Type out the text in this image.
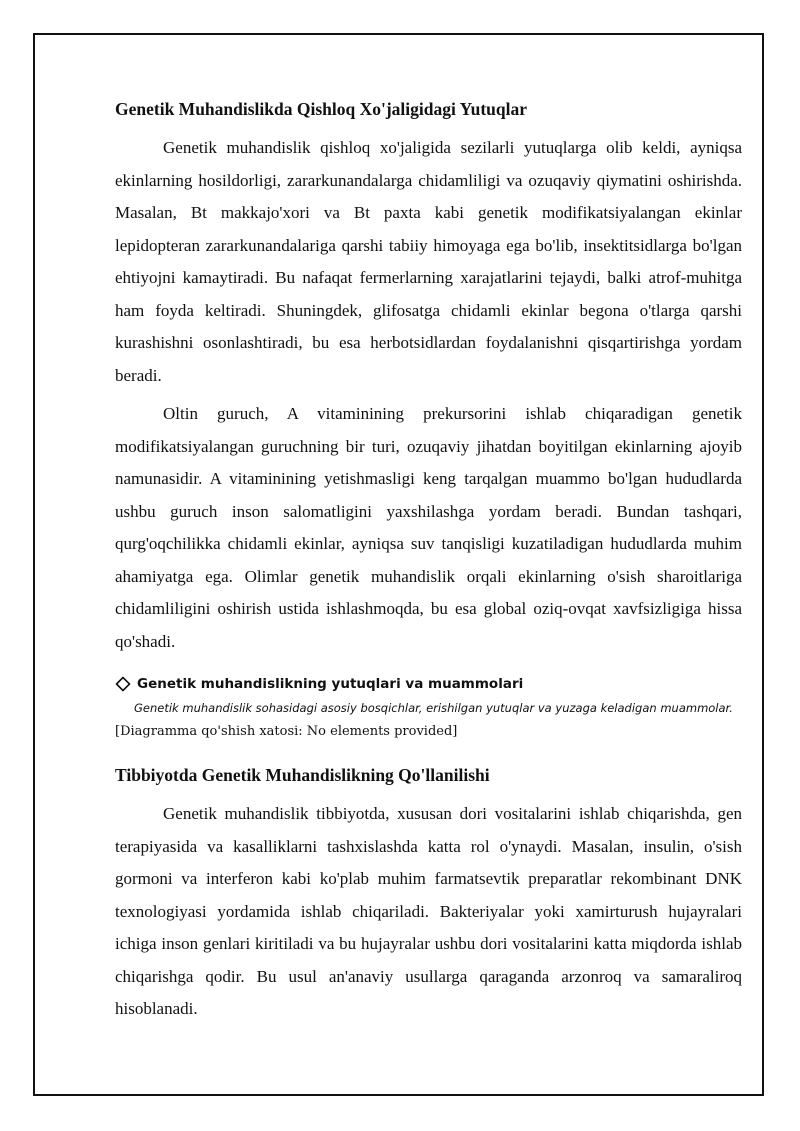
Genetik Muhandislikda Qishloq Xo'jaligidagi Yutuqlar

Genetik muhandislik qishloq xo'jaligida sezilarli yutuqlarga olib keldi, ayniqsa ekinlarning hosildorligi, zararkunandalarga chidamliligi va ozuqaviy qiymatini oshirishda. Masalan, Bt makkajo'xori va Bt paxta kabi genetik modifikatsiyalangan ekinlar lepidopteran zararkunandalariga qarshi tabiiy himoyaga ega bo'lib, insektitsidlarga bo'lgan ehtiyojni kamaytiradi. Bu nafaqat fermerlarning xarajatlarini tejaydi, balki atrof-muhitga ham foyda keltiradi. Shuningdek, glifosatga chidamli ekinlar begona o'tlarga qarshi kurashishni osonlashtiradi, bu esa herbotsidlardan foydalanishni qisqartirishga yordam beradi.

Oltin guruch, A vitaminining prekursorini ishlab chiqaradigan genetik modifikatsiyalangan guruchning bir turi, ozuqaviy jihatdan boyitilgan ekinlarning ajoyib namunasidir. A vitaminining yetishmasligi keng tarqalgan muammo bo'lgan hududlarda ushbu guruch inson salomatligini yaxshilashga yordam beradi. Bundan tashqari, qurg'oqchilikka chidamli ekinlar, ayniqsa suv tanqisligi kuzatiladigan hududlarda muhim ahamiyatga ega. Olimlar genetik muhandislik orqali ekinlarning o'sish sharoitlariga chidamliligini oshirish ustida ishlashmoqda, bu esa global oziq-ovqat xavfsizligiga hissa qo'shadi.

Genetik muhandislikning yutuqlari va muammolari
Genetik muhandislik sohasidagi asosiy bosqichlar, erishilgan yutuqlar va yuzaga keladigan muammolar.
[Diagramma qo'shish xatosi: No elements provided]
Tibbiyotda Genetik Muhandislikning Qo'llanilishi

Genetik muhandislik tibbiyotda, xususan dori vositalarini ishlab chiqarishda, gen terapiyasida va kasalliklarni tashxislashda katta rol o'ynaydi. Masalan, insulin, o'sish gormoni va interferon kabi ko'plab muhim farmatsevtik preparatlar rekombinant DNK texnologiyasi yordamida ishlab chiqariladi. Bakteriyalar yoki xamirturush hujayralari ichiga inson genlari kiritiladi va bu hujayralar ushbu dori vositalarini katta miqdorda ishlab chiqarishga qodir. Bu usul an'anaviy usullarga qaraganda arzonroq va samaraliroq hisoblanadi.
